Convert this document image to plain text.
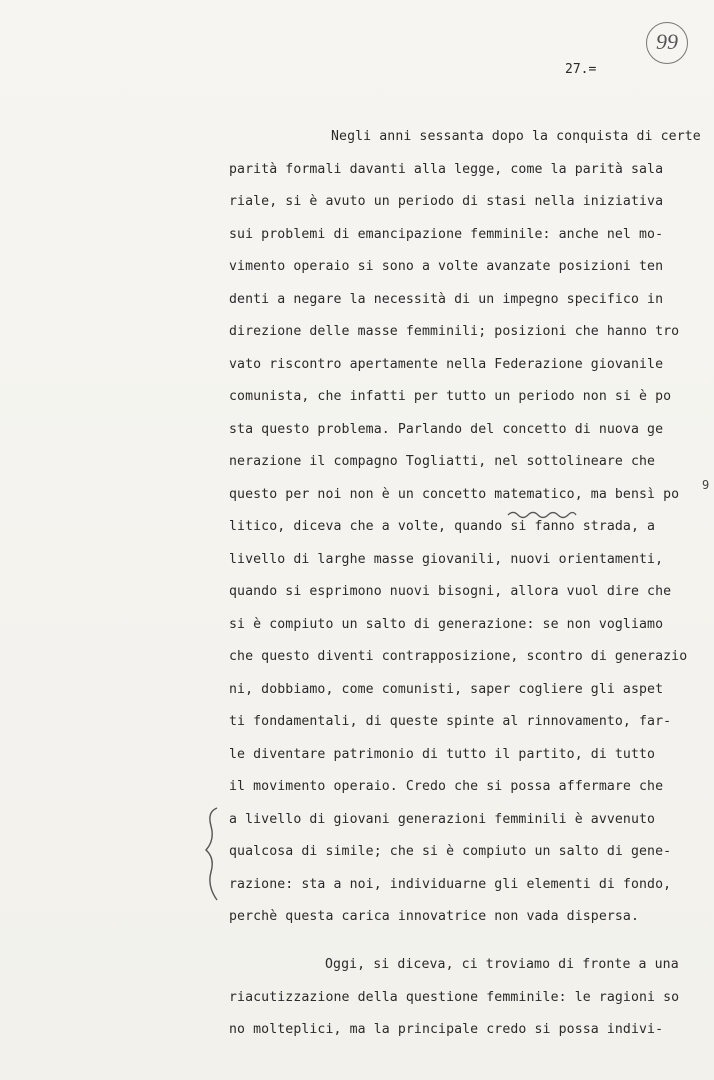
99
27.=
Negli anni sessanta dopo la conquista di certe
parità formali davanti alla legge, come la parità sala
riale, si è avuto un periodo di stasi nella iniziativa
sui problemi di emancipazione femminile: anche nel mo-
vimento operaio si sono a volte avanzate posizioni ten
denti a negare la necessità di un impegno specifico in
direzione delle masse femminili; posizioni che hanno tro
vato riscontro apertamente nella Federazione giovanile
comunista, che infatti per tutto un periodo non si è po
sta questo problema. Parlando del concetto di nuova ge
nerazione il compagno Togliatti, nel sottolineare che
questo per noi non è un concetto matematico, ma bensì po
litico, diceva che a volte, quando si fanno strada, a
livello di larghe masse giovanili, nuovi orientamenti,
quando si esprimono nuovi bisogni, allora vuol dire che
si è compiuto un salto di generazione: se non vogliamo
che questo diventi contrapposizione, scontro di generazio
ni, dobbiamo, come comunisti, saper cogliere gli aspet
ti fondamentali, di queste spinte al rinnovamento, far-
le diventare patrimonio di tutto il partito, di tutto
il movimento operaio. Credo che si possa affermare che
a livello di giovani generazioni femminili è avvenuto
qualcosa di simile; che si è compiuto un salto di gene-
razione: sta a noi, individuarne gli elementi di fondo,
perchè questa carica innovatrice non vada dispersa.
Oggi, si diceva, ci troviamo di fronte a una
riacutizzazione della questione femminile: le ragioni so
no molteplici, ma la principale credo si possa indivi-
9
